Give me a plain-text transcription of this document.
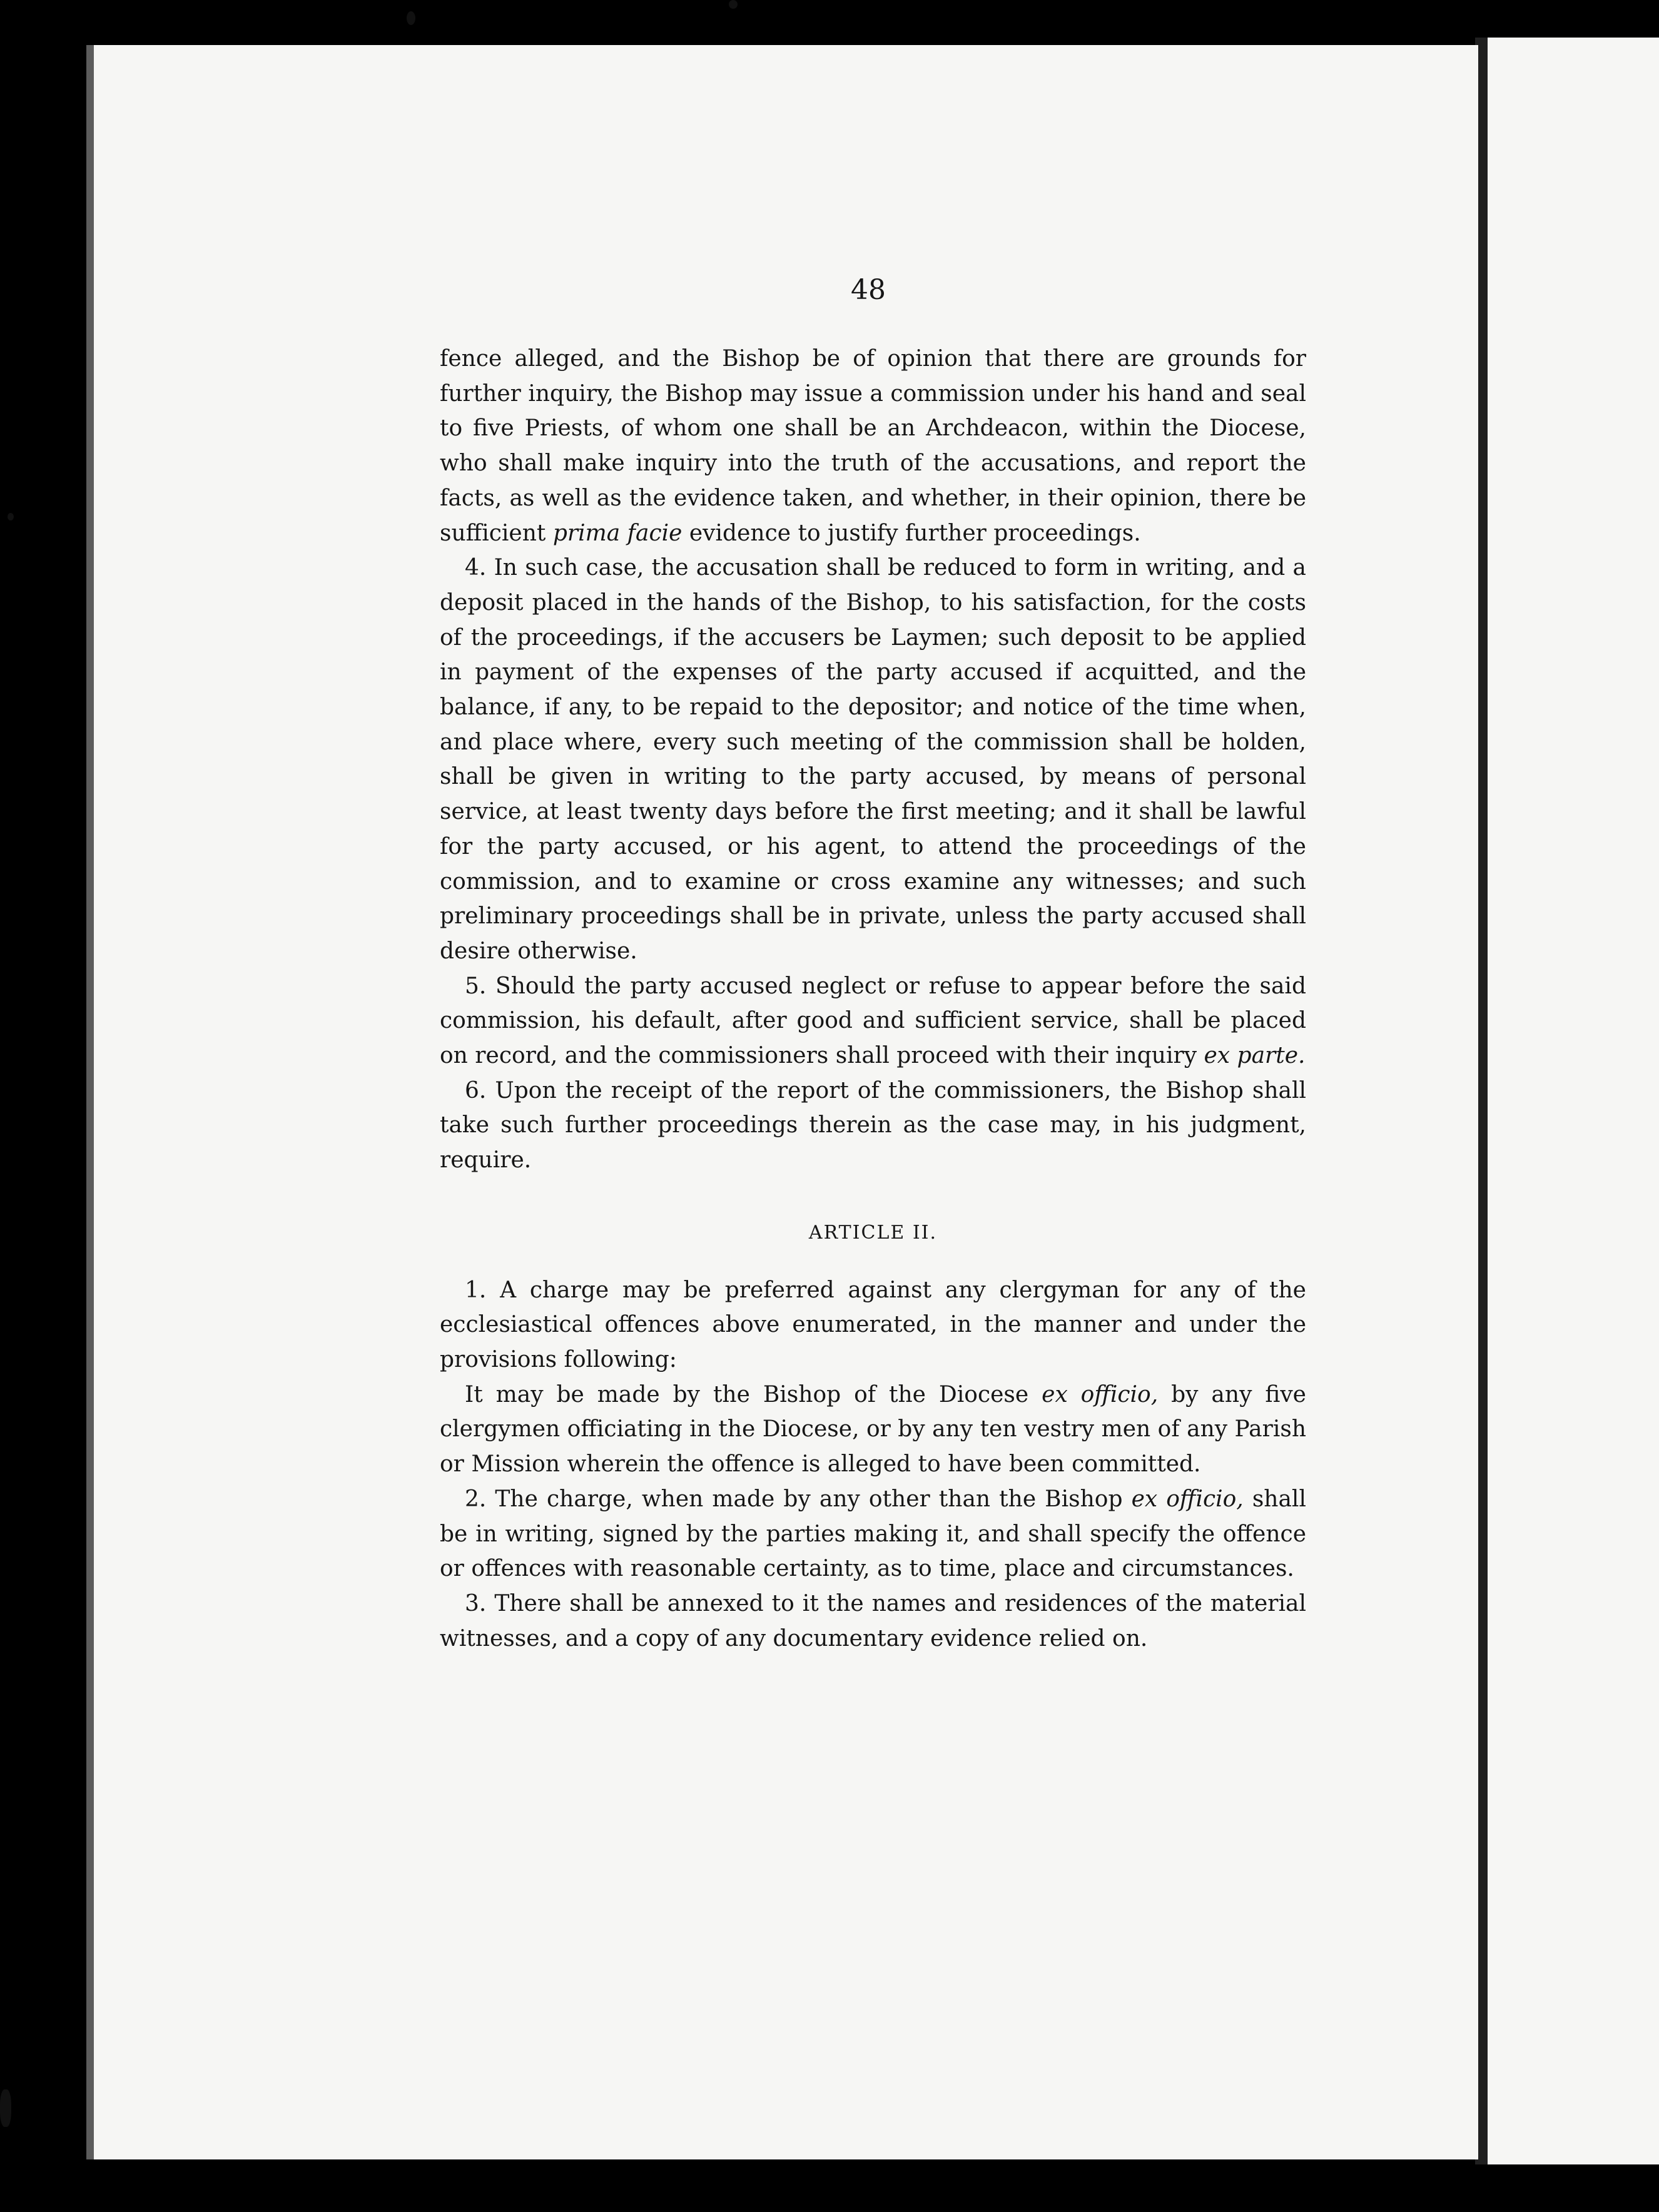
48

fence alleged, and the Bishop be of opinion that there are grounds for further inquiry, the Bishop may issue a commission under his hand and seal to five Priests, of whom one shall be an Archdeacon, within the Diocese, who shall make inquiry into the truth of the accusations, and report the facts, as well as the evidence taken, and whether, in their opinion, there be sufficient prima facie evidence to justify further proceedings.

4. In such case, the accusation shall be reduced to form in writing, and a deposit placed in the hands of the Bishop, to his satisfaction, for the costs of the proceedings, if the accusers be Laymen; such deposit to be applied in payment of the expenses of the party accused if acquitted, and the balance, if any, to be repaid to the depositor; and notice of the time when, and place where, every such meeting of the commission shall be holden, shall be given in writing to the party accused, by means of personal service, at least twenty days before the first meeting; and it shall be lawful for the party accused, or his agent, to attend the proceedings of the commission, and to examine or cross examine any witnesses; and such preliminary proceedings shall be in private, unless the party accused shall desire otherwise.

5. Should the party accused neglect or refuse to appear before the said commission, his default, after good and sufficient service, shall be placed on record, and the commissioners shall proceed with their inquiry ex parte.

6. Upon the receipt of the report of the commissioners, the Bishop shall take such further proceedings therein as the case may, in his judgment, require.

ARTICLE II.

1. A charge may be preferred against any clergyman for any of the ecclesiastical offences above enumerated, in the manner and under the provisions following:

It may be made by the Bishop of the Diocese ex officio, by any five clergymen officiating in the Diocese, or by any ten vestry men of any Parish or Mission wherein the offence is alleged to have been committed.

2. The charge, when made by any other than the Bishop ex officio, shall be in writing, signed by the parties making it, and shall specify the offence or offences with reasonable certainty, as to time, place and circumstances.

3. There shall be annexed to it the names and residences of the material witnesses, and a copy of any documentary evidence relied on.
